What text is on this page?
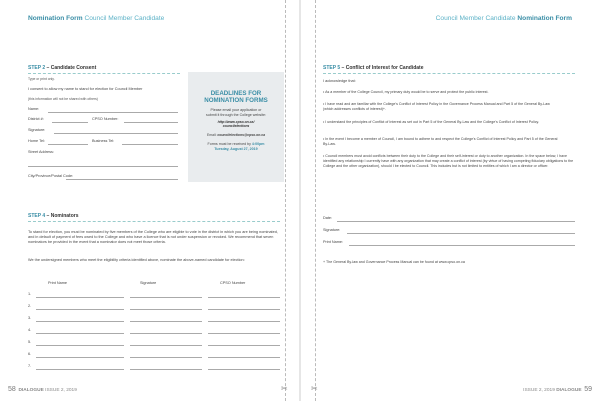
Nomination Form Council Member Candidate
STEP 2 – Candidate Consent
Type or print only.
I consent to allow my name to stand for election for Council Member
(this information will not be shared with others)
Name:
District #:	CPSO Number:
Signature:
Home Tel:	Business Tel:
Street Address:
City/Province/Postal Code:
DEADLINES FOR
NOMINATION FORMS
Please email your application or
submit it through the College website:
http://www.cpso.on.ca/
councilelections
Email: councilelections@cpso.on.ca
Forms must be received by 4:00pm
Tuesday, August 27, 2019
STEP 4 – Nominators
To stand for election, you must be nominated by five members of the College who are eligible to vote in the district in which you are being nominated, and in default of payment of fees owed to the College and who have a licence that is not under suspension or revoked. We recommend that seven nominators be provided in the event that a nominator does not meet those criteria.
We the undersigned members who meet the eligibility criteria identified above, nominate the above-named candidate for election:
Print Name	Signature	CPSO Number
1.
2.
3.
4.
5.
6.
7.
✂
58 DIALOGUE ISSUE 2, 2019
Council Member Candidate Nomination Form
STEP 5 – Conflict of Interest for Candidate
I acknowledge that:
• As a member of the College Council, my primary duty would be to serve and protect the public interest.
• I have read and am familiar with the College's Conflict of Interest Policy in the Governance Process Manual and Part 5 of the General By-Law (which addresses conflicts of interest)+.
• I understand the principles of Conflict of Interest as set out in Part 5 of the General By-Law and the College's Conflict of Interest Policy.
• In the event I become a member of Council, I am bound to adhere to and respect the College's Conflict of Interest Policy and Part 5 of the General By-Law.
• Council members must avoid conflicts between their duty to the College and their self-interest or duty to another organization. In the space below, I have identified any relationship I currently have with any organization that may create a conflict of interest (by virtue of having competing fiduciary obligations to the College and the other organization), should I be elected to Council. This includes but is not limited to entities of which I am a director or officer.
Date:
Signature:
Print Name:
+ The General By-law and Governance Process Manual can be found at www.cpso.on.ca
✂	ISSUE 2, 2019 DIALOGUE 59
